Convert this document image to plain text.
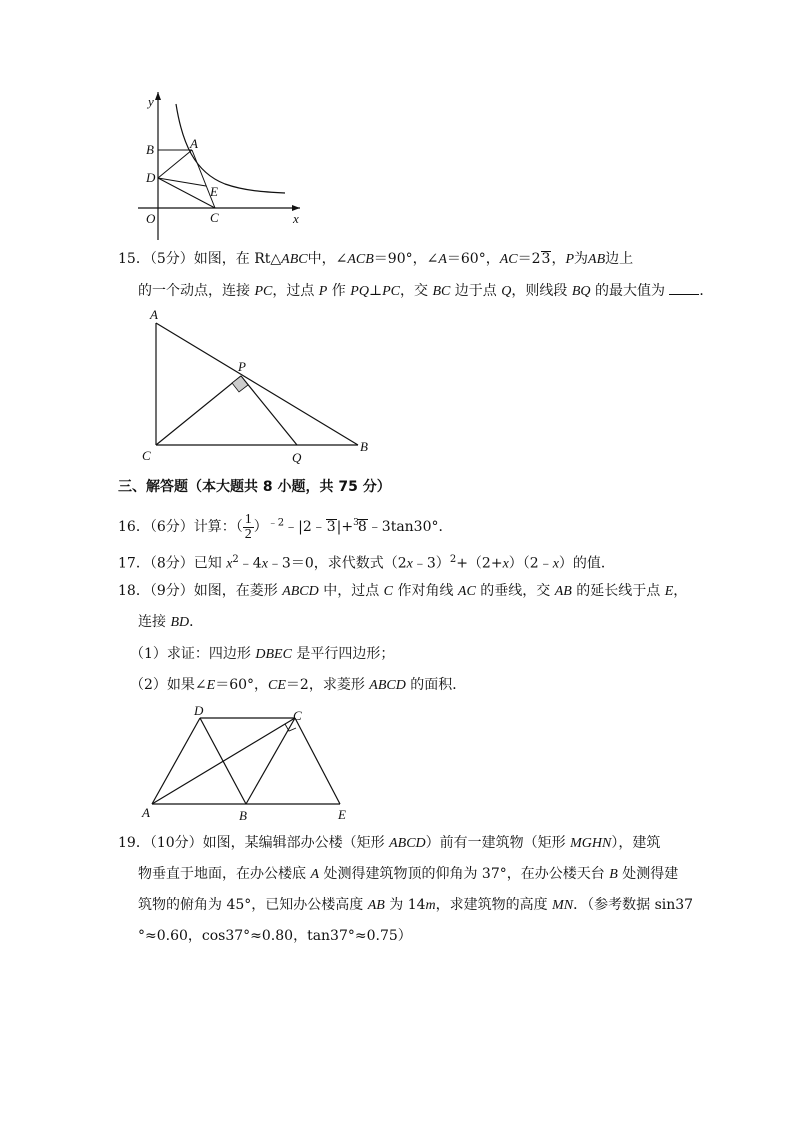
y
x
O
B	A
D
E
C
15．（5分）如图，在 Rt△ABC中，∠ACB＝90°，∠A＝60°，AC＝23，P为AB边上
的一个动点，连接 PC，过点 P 作 PQ⊥PC，交 BC 边于点 Q，则线段 BQ 的最大值为 ．
A
P
C	Q
B
三、解答题（本大题共 8 小题，共 75 分）
16．（6分）计算：（ $\frac{1}{2}$ ）$^{﹣2}$﹣|2﹣3|+$^3$8﹣3tan30°．
17．（8分）已知 $x^2﹣4x﹣3=0$，求代数式（2x﹣3）$^2$+（2+x）（2﹣x）的值．
18．（9分）如图，在菱形 ABCD 中，过点 C 作对角线 AC 的垂线，交 AB 的延长线于点 E，
连接 BD．
（1）求证：四边形 DBEC 是平行四边形；
（2）如果∠E＝60°，CE＝2，求菱形 ABCD 的面积．
D	C
A	B	E
19．（10分）如图，某编辑部办公楼（矩形 ABCD）前有一建筑物（矩形 MGHN），建筑
物垂直于地面，在办公楼底 A 处测得建筑物顶的仰角为 37°，在办公楼天台 B 处测得建
筑物的俯角为 45°，已知办公楼高度 AB 为 14m，求建筑物的高度 MN．（参考数据 sin37
°≈0.60，cos37°≈0.80，tan37°≈0.75）
